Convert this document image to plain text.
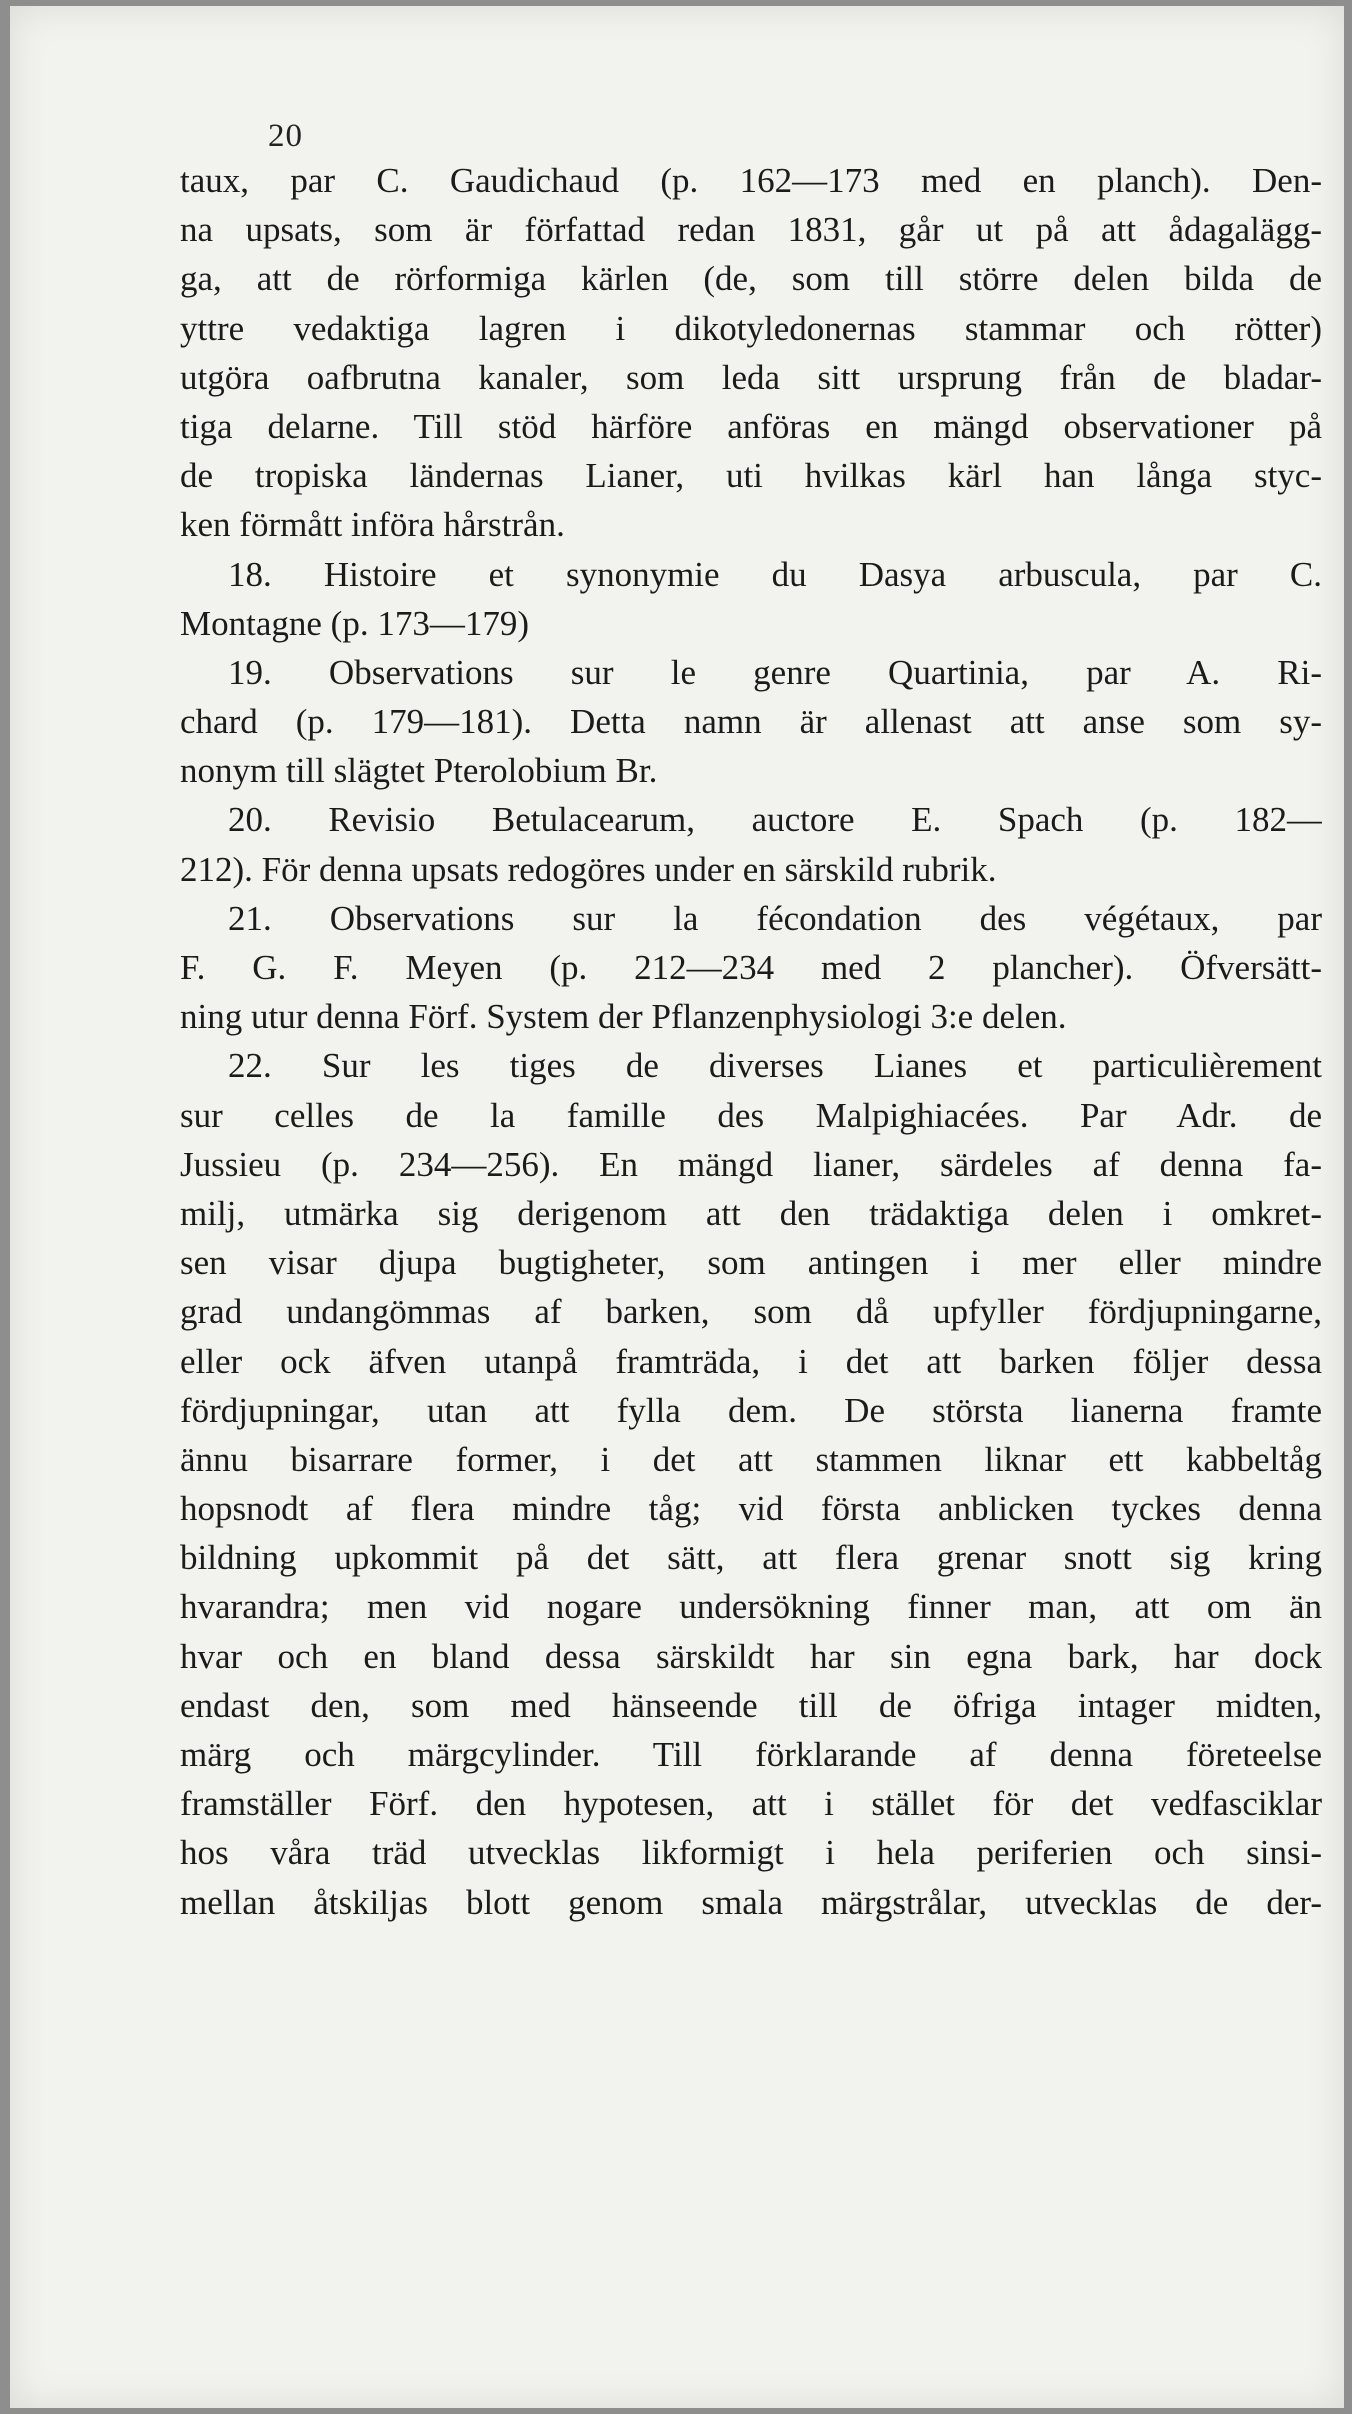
20
taux, par C. Gaudichaud (p. 162—173 med en planch). Den-
na upsats, som är författad redan 1831, går ut på att ådagalägg-
ga, att de rörformiga kärlen (de, som till större delen bilda de
yttre vedaktiga lagren i dikotyledonernas stammar och rötter)
utgöra oafbrutna kanaler, som leda sitt ursprung från de bladar-
tiga delarne. Till stöd härföre anföras en mängd observationer på
de tropiska ländernas Lianer, uti hvilkas kärl han långa styc-
ken förmått införa hårstrån.
18. Histoire et synonymie du Dasya arbuscula, par C.
Montagne (p. 173—179)
19. Observations sur le genre Quartinia, par A. Ri-
chard (p. 179—181). Detta namn är allenast att anse som sy-
nonym till slägtet Pterolobium Br.
20. Revisio Betulacearum, auctore E. Spach (p. 182—
212). För denna upsats redogöres under en särskild rubrik.
21. Observations sur la fécondation des végétaux, par
F. G. F. Meyen (p. 212—234 med 2 plancher). Öfversätt-
ning utur denna Förf. System der Pflanzenphysiologi 3:e delen.
22. Sur les tiges de diverses Lianes et particulièrement
sur celles de la famille des Malpighiacées. Par Adr. de
Jussieu (p. 234—256). En mängd lianer, särdeles af denna fa-
milj, utmärka sig derigenom att den trädaktiga delen i omkret-
sen visar djupa bugtigheter, som antingen i mer eller mindre
grad undangömmas af barken, som då upfyller fördjupningarne,
eller ock äfven utanpå framträda, i det att barken följer dessa
fördjupningar, utan att fylla dem. De största lianerna framte
ännu bisarrare former, i det att stammen liknar ett kabbeltåg
hopsnodt af flera mindre tåg; vid första anblicken tyckes denna
bildning upkommit på det sätt, att flera grenar snott sig kring
hvarandra; men vid nogare undersökning finner man, att om än
hvar och en bland dessa särskildt har sin egna bark, har dock
endast den, som med hänseende till de öfriga intager midten,
märg och märgcylinder. Till förklarande af denna företeelse
framställer Förf. den hypotesen, att i stället för det vedfasciklar
hos våra träd utvecklas likformigt i hela periferien och sinsi-
mellan åtskiljas blott genom smala märgstrålar, utvecklas de der-
